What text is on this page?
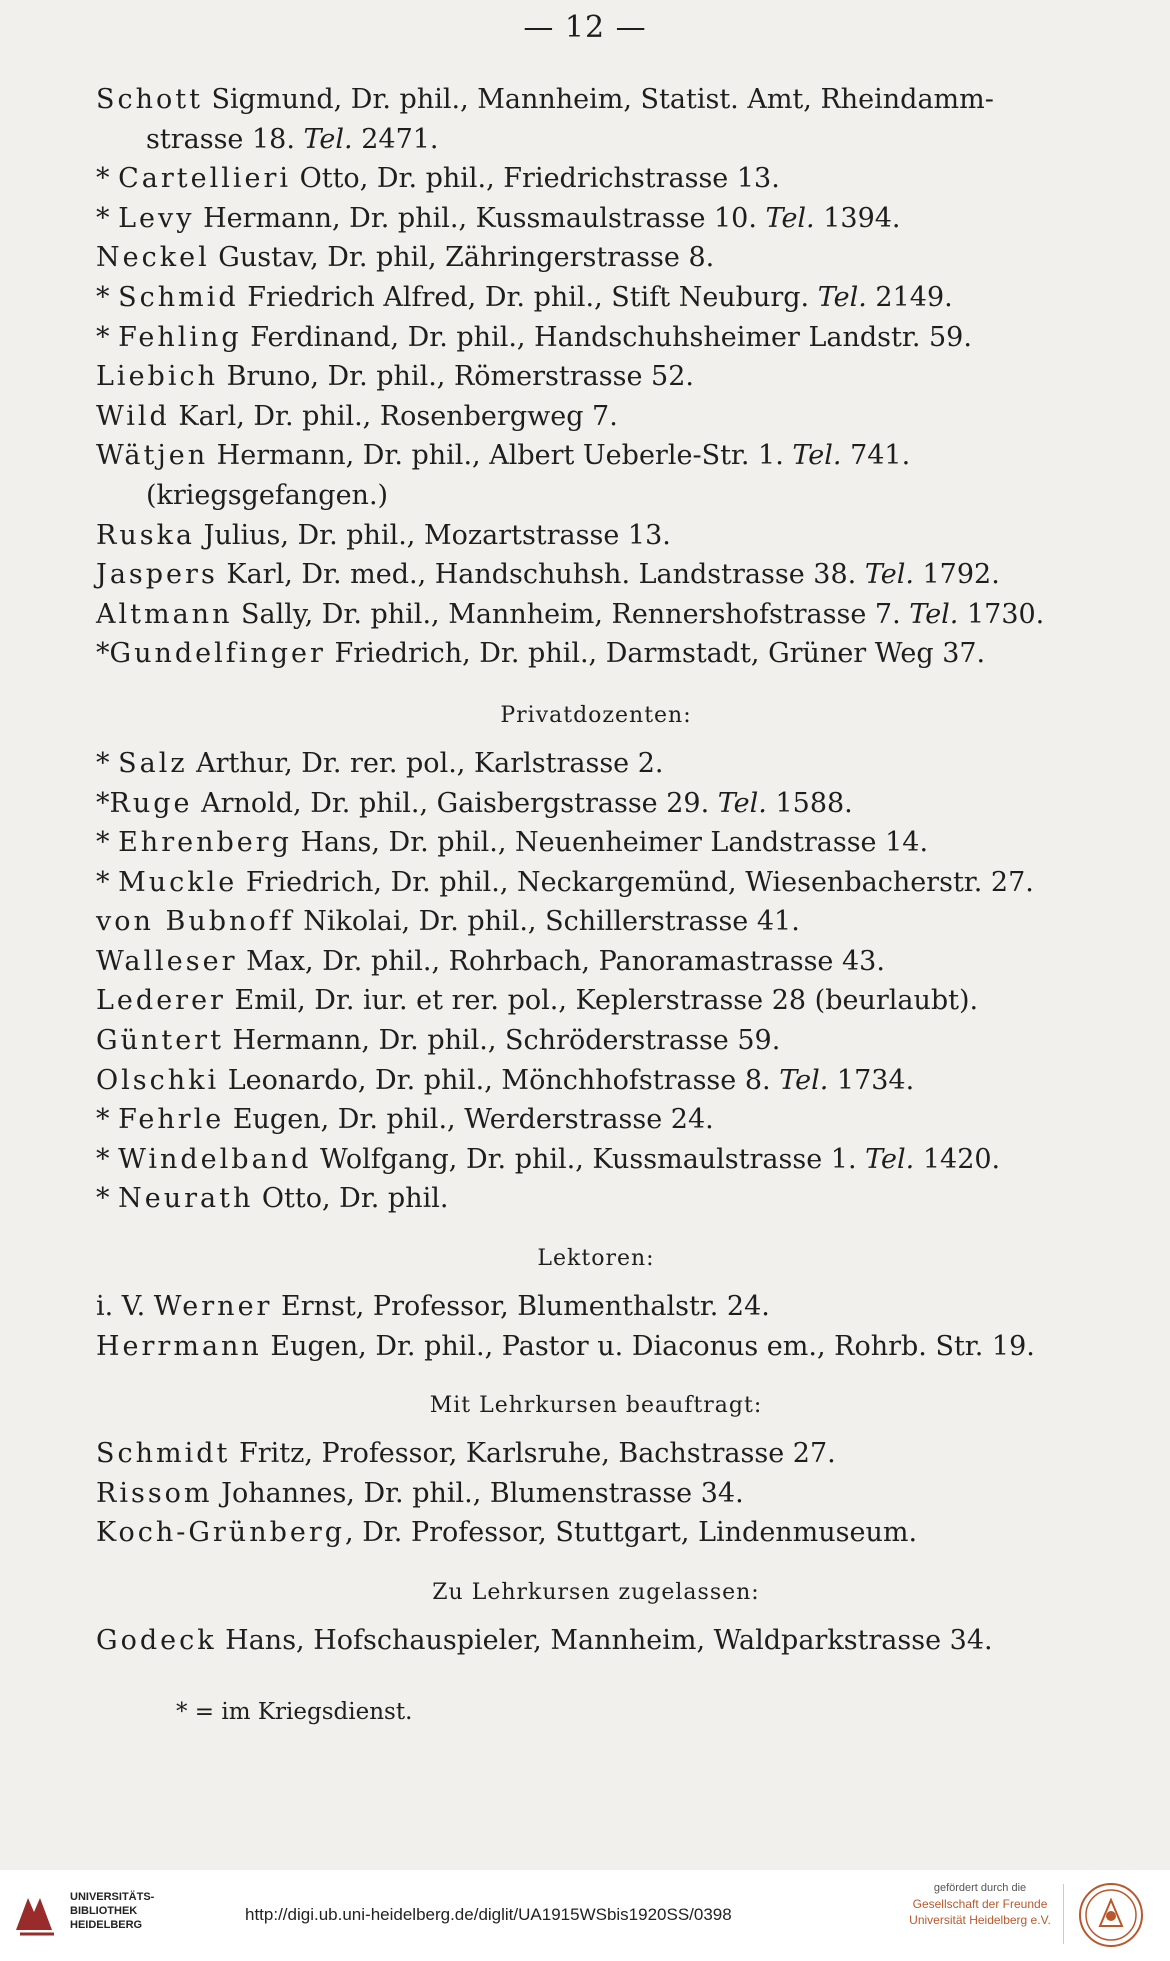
— 12 —
Schott Sigmund, Dr. phil., Mannheim, Statist. Amt, Rheindamm-
strasse 18. Tel. 2471.
* Cartellieri Otto, Dr. phil., Friedrichstrasse 13.
* Levy Hermann, Dr. phil., Kussmaulstrasse 10. Tel. 1394.
Neckel Gustav, Dr. phil, Zähringerstrasse 8.
* Schmid Friedrich Alfred, Dr. phil., Stift Neuburg. Tel. 2149.
* Fehling Ferdinand, Dr. phil., Handschuhsheimer Landstr. 59.
Liebich Bruno, Dr. phil., Römerstrasse 52.
Wild Karl, Dr. phil., Rosenbergweg 7.
Wätjen Hermann, Dr. phil., Albert Ueberle-Str. 1. Tel. 741.
(kriegsgefangen.)
Ruska Julius, Dr. phil., Mozartstrasse 13.
Jaspers Karl, Dr. med., Handschuhsh. Landstrasse 38. Tel. 1792.
Altmann Sally, Dr. phil., Mannheim, Rennershofstrasse 7. Tel. 1730.
*Gundelfinger Friedrich, Dr. phil., Darmstadt, Grüner Weg 37.
Privatdozenten:
* Salz Arthur, Dr. rer. pol., Karlstrasse 2.
*Ruge Arnold, Dr. phil., Gaisbergstrasse 29. Tel. 1588.
* Ehrenberg Hans, Dr. phil., Neuenheimer Landstrasse 14.
* Muckle Friedrich, Dr. phil., Neckargemünd, Wiesenbacherstr. 27.
von Bubnoff Nikolai, Dr. phil., Schillerstrasse 41.
Walleser Max, Dr. phil., Rohrbach, Panoramastrasse 43.
Lederer Emil, Dr. iur. et rer. pol., Keplerstrasse 28 (beurlaubt).
Güntert Hermann, Dr. phil., Schröderstrasse 59.
Olschki Leonardo, Dr. phil., Mönchhofstrasse 8. Tel. 1734.
* Fehrle Eugen, Dr. phil., Werderstrasse 24.
* Windelband Wolfgang, Dr. phil., Kussmaulstrasse 1. Tel. 1420.
* Neurath Otto, Dr. phil.
Lektoren:
i. V. Werner Ernst, Professor, Blumenthalstr. 24.
Herrmann Eugen, Dr. phil., Pastor u. Diaconus em., Rohrb. Str. 19.
Mit Lehrkursen beauftragt:
Schmidt Fritz, Professor, Karlsruhe, Bachstrasse 27.
Rissom Johannes, Dr. phil., Blumenstrasse 34.
Koch-Grünberg, Dr. Professor, Stuttgart, Lindenmuseum.
Zu Lehrkursen zugelassen:
Godeck Hans, Hofschauspieler, Mannheim, Waldparkstrasse 34.
* = im Kriegsdienst.
UNIVERSITÄTS-
BIBLIOTHEK
HEIDELBERG
http://digi.ub.uni-heidelberg.de/diglit/UA1915WSbis1920SS/0398
gefördert durch die
Gesellschaft der Freunde
Universität Heidelberg e.V.
